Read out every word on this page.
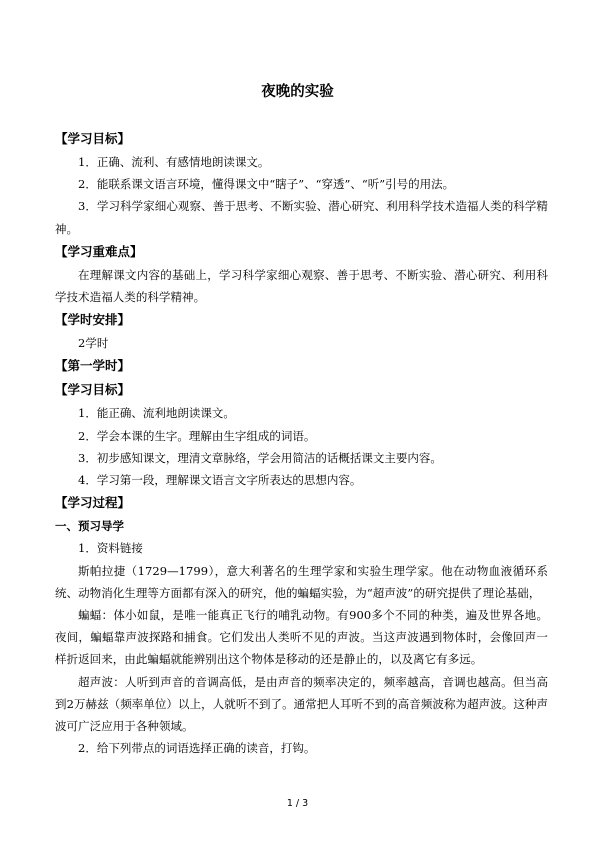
夜晚的实验
【学习目标】
1．正确、流利、有感情地朗读课文。
2．能联系课文语言环境，懂得课文中“瞎子”、“穿透”、“听”引号的用法。
3．学习科学家细心观察、善于思考、不断实验、潜心研究、利用科学技术造福人类的科学精神。
【学习重难点】
在理解课文内容的基础上，学习科学家细心观察、善于思考、不断实验、潜心研究、利用科学技术造福人类的科学精神。
【学时安排】
2学时
【第一学时】
【学习目标】
1．能正确、流利地朗读课文。
2．学会本课的生字。理解由生字组成的词语。
3．初步感知课文，理清文章脉络，学会用简洁的话概括课文主要内容。
4．学习第一段，理解课文语言文字所表达的思想内容。
【学习过程】
一、预习导学
1．资料链接
斯帕拉捷（1729—1799），意大利著名的生理学家和实验生理学家。他在动物血液循环系统、动物消化生理等方面都有深入的研究，他的蝙蝠实验，为“超声波”的研究提供了理论基础，
蝙蝠：体小如鼠，是唯一能真正飞行的哺乳动物。有900多个不同的种类，遍及世界各地。夜间，蝙蝠靠声波探路和捕食。它们发出人类听不见的声波。当这声波遇到物体时，会像回声一样折返回来，由此蝙蝠就能辨别出这个物体是移动的还是静止的，以及离它有多远。
超声波：人听到声音的音调高低，是由声音的频率决定的，频率越高，音调也越高。但当高到2万赫兹（频率单位）以上，人就听不到了。通常把人耳听不到的高音频波称为超声波。这种声波可广泛应用于各种领域。
2．给下列带点的词语选择正确的读音，打钩。
1 / 3
